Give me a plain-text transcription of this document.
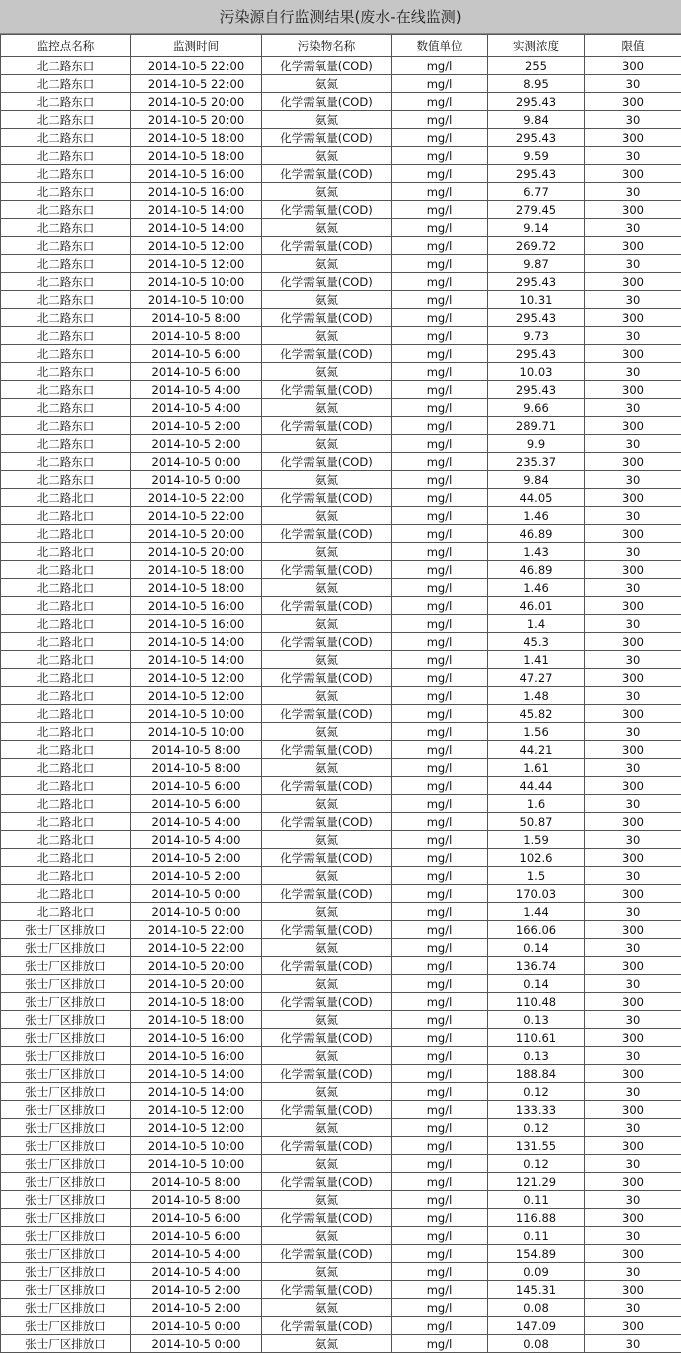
污染源自行监测结果(废水-在线监测)
监控点名称	监测时间	污染物名称	数值单位	实测浓度	限值
北二路东口	2014-10-5 22:00	化学需氧量(COD)	mg/l	255	300
北二路东口	2014-10-5 22:00	氨氮	mg/l	8.95	30
北二路东口	2014-10-5 20:00	化学需氧量(COD)	mg/l	295.43	300
北二路东口	2014-10-5 20:00	氨氮	mg/l	9.84	30
北二路东口	2014-10-5 18:00	化学需氧量(COD)	mg/l	295.43	300
北二路东口	2014-10-5 18:00	氨氮	mg/l	9.59	30
北二路东口	2014-10-5 16:00	化学需氧量(COD)	mg/l	295.43	300
北二路东口	2014-10-5 16:00	氨氮	mg/l	6.77	30
北二路东口	2014-10-5 14:00	化学需氧量(COD)	mg/l	279.45	300
北二路东口	2014-10-5 14:00	氨氮	mg/l	9.14	30
北二路东口	2014-10-5 12:00	化学需氧量(COD)	mg/l	269.72	300
北二路东口	2014-10-5 12:00	氨氮	mg/l	9.87	30
北二路东口	2014-10-5 10:00	化学需氧量(COD)	mg/l	295.43	300
北二路东口	2014-10-5 10:00	氨氮	mg/l	10.31	30
北二路东口	2014-10-5 8:00	化学需氧量(COD)	mg/l	295.43	300
北二路东口	2014-10-5 8:00	氨氮	mg/l	9.73	30
北二路东口	2014-10-5 6:00	化学需氧量(COD)	mg/l	295.43	300
北二路东口	2014-10-5 6:00	氨氮	mg/l	10.03	30
北二路东口	2014-10-5 4:00	化学需氧量(COD)	mg/l	295.43	300
北二路东口	2014-10-5 4:00	氨氮	mg/l	9.66	30
北二路东口	2014-10-5 2:00	化学需氧量(COD)	mg/l	289.71	300
北二路东口	2014-10-5 2:00	氨氮	mg/l	9.9	30
北二路东口	2014-10-5 0:00	化学需氧量(COD)	mg/l	235.37	300
北二路东口	2014-10-5 0:00	氨氮	mg/l	9.84	30
北二路北口	2014-10-5 22:00	化学需氧量(COD)	mg/l	44.05	300
北二路北口	2014-10-5 22:00	氨氮	mg/l	1.46	30
北二路北口	2014-10-5 20:00	化学需氧量(COD)	mg/l	46.89	300
北二路北口	2014-10-5 20:00	氨氮	mg/l	1.43	30
北二路北口	2014-10-5 18:00	化学需氧量(COD)	mg/l	46.89	300
北二路北口	2014-10-5 18:00	氨氮	mg/l	1.46	30
北二路北口	2014-10-5 16:00	化学需氧量(COD)	mg/l	46.01	300
北二路北口	2014-10-5 16:00	氨氮	mg/l	1.4	30
北二路北口	2014-10-5 14:00	化学需氧量(COD)	mg/l	45.3	300
北二路北口	2014-10-5 14:00	氨氮	mg/l	1.41	30
北二路北口	2014-10-5 12:00	化学需氧量(COD)	mg/l	47.27	300
北二路北口	2014-10-5 12:00	氨氮	mg/l	1.48	30
北二路北口	2014-10-5 10:00	化学需氧量(COD)	mg/l	45.82	300
北二路北口	2014-10-5 10:00	氨氮	mg/l	1.56	30
北二路北口	2014-10-5 8:00	化学需氧量(COD)	mg/l	44.21	300
北二路北口	2014-10-5 8:00	氨氮	mg/l	1.61	30
北二路北口	2014-10-5 6:00	化学需氧量(COD)	mg/l	44.44	300
北二路北口	2014-10-5 6:00	氨氮	mg/l	1.6	30
北二路北口	2014-10-5 4:00	化学需氧量(COD)	mg/l	50.87	300
北二路北口	2014-10-5 4:00	氨氮	mg/l	1.59	30
北二路北口	2014-10-5 2:00	化学需氧量(COD)	mg/l	102.6	300
北二路北口	2014-10-5 2:00	氨氮	mg/l	1.5	30
北二路北口	2014-10-5 0:00	化学需氧量(COD)	mg/l	170.03	300
北二路北口	2014-10-5 0:00	氨氮	mg/l	1.44	30
张士厂区排放口	2014-10-5 22:00	化学需氧量(COD)	mg/l	166.06	300
张士厂区排放口	2014-10-5 22:00	氨氮	mg/l	0.14	30
张士厂区排放口	2014-10-5 20:00	化学需氧量(COD)	mg/l	136.74	300
张士厂区排放口	2014-10-5 20:00	氨氮	mg/l	0.14	30
张士厂区排放口	2014-10-5 18:00	化学需氧量(COD)	mg/l	110.48	300
张士厂区排放口	2014-10-5 18:00	氨氮	mg/l	0.13	30
张士厂区排放口	2014-10-5 16:00	化学需氧量(COD)	mg/l	110.61	300
张士厂区排放口	2014-10-5 16:00	氨氮	mg/l	0.13	30
张士厂区排放口	2014-10-5 14:00	化学需氧量(COD)	mg/l	188.84	300
张士厂区排放口	2014-10-5 14:00	氨氮	mg/l	0.12	30
张士厂区排放口	2014-10-5 12:00	化学需氧量(COD)	mg/l	133.33	300
张士厂区排放口	2014-10-5 12:00	氨氮	mg/l	0.12	30
张士厂区排放口	2014-10-5 10:00	化学需氧量(COD)	mg/l	131.55	300
张士厂区排放口	2014-10-5 10:00	氨氮	mg/l	0.12	30
张士厂区排放口	2014-10-5 8:00	化学需氧量(COD)	mg/l	121.29	300
张士厂区排放口	2014-10-5 8:00	氨氮	mg/l	0.11	30
张士厂区排放口	2014-10-5 6:00	化学需氧量(COD)	mg/l	116.88	300
张士厂区排放口	2014-10-5 6:00	氨氮	mg/l	0.11	30
张士厂区排放口	2014-10-5 4:00	化学需氧量(COD)	mg/l	154.89	300
张士厂区排放口	2014-10-5 4:00	氨氮	mg/l	0.09	30
张士厂区排放口	2014-10-5 2:00	化学需氧量(COD)	mg/l	145.31	300
张士厂区排放口	2014-10-5 2:00	氨氮	mg/l	0.08	30
张士厂区排放口	2014-10-5 0:00	化学需氧量(COD)	mg/l	147.09	300
张士厂区排放口	2014-10-5 0:00	氨氮	mg/l	0.08	30
